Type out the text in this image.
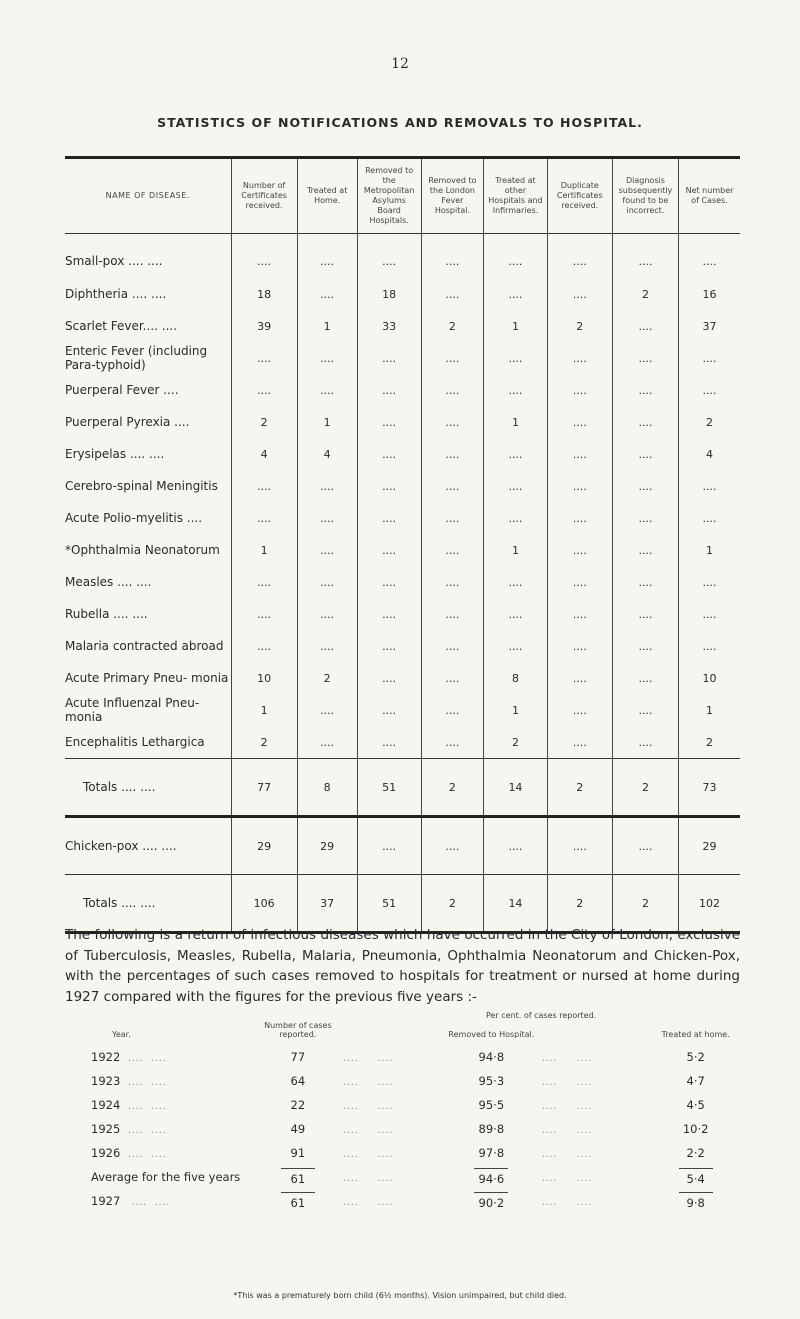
12
STATISTICS OF NOTIFICATIONS AND REMOVALS TO HOSPITAL.
NAME OF DISEASE.	Number of Certificates received.	Treated at Home.	Removed to the Metropolitan Asylums Board Hospitals.	Removed to the London Fever Hospital.	Treated at other Hospitals and Infirmaries.	Duplicate Certificates received.	Diagnosis subsequently found to be incorrect.	Net number of Cases.
Small-pox .... ....	....	....	....	....	....	....	....	....
Diphtheria .... ....	18	....	18	....	....	....	2	16
Scarlet Fever.... ....	39	1	33	2	1	2	....	37
Enteric Fever (including Para-typhoid)	....	....	....	....	....	....	....	....
Puerperal Fever ....	....	....	....	....	....	....	....	....
Puerperal Pyrexia ....	2	1	....	....	1	....	....	2
Erysipelas .... ....	4	4	....	....	....	....	....	4
Cerebro-spinal Meningitis	....	....	....	....	....	....	....	....
Acute Polio-myelitis ....	....	....	....	....	....	....	....	....
*Ophthalmia Neonatorum	1	....	....	....	1	....	....	1
Measles .... ....	....	....	....	....	....	....	....	....
Rubella .... ....	....	....	....	....	....	....	....	....
Malaria contracted abroad	....	....	....	....	....	....	....	....
Acute Primary Pneu- monia	10	2	....	....	8	....	....	10
Acute Influenzal Pneu- monia	1	....	....	....	1	....	....	1
Encephalitis Lethargica	2	....	....	....	2	....	....	2
Totals .... ....	77	8	51	2	14	2	2	73
Chicken-pox .... ....	29	29	....	....	....	....	....	29
Totals .... ....	106	37	51	2	14	2	2	102

The following is a return of infectious diseases which have occurred in the City of London, exclusive of Tuberculosis, Measles, Rubella, Malaria, Pneumonia, Ophthalmia Neonatorum and Chicken-Pox, with the percentages of such cases removed to hospitals for treatment or nursed at home during 1927 compared with the figures for the previous five years :-

		Per cent. of cases reported.			
Year.	Number of cases reported.		Removed to Hospital.		Treated at home.
1922  ....  ....	77	....     ....	94·8	....     ....	5·2
1923  ....  ....	64	....     ....	95·3	....     ....	4·7
1924  ....  ....	22	....     ....	95·5	....     ....	4·5
1925  ....  ....	49	....     ....	89·8	....     ....	10·2
1926  ....  ....	91	....     ....	97·8	....     ....	2·2
Average for the five years	61	....     ....	94·6	....     ....	5·4
1927   ....  ....	61	....     ....	90·2	....     ....	9·8
*This was a prematurely born child (6½ months). Vision unimpaired, but child died.
